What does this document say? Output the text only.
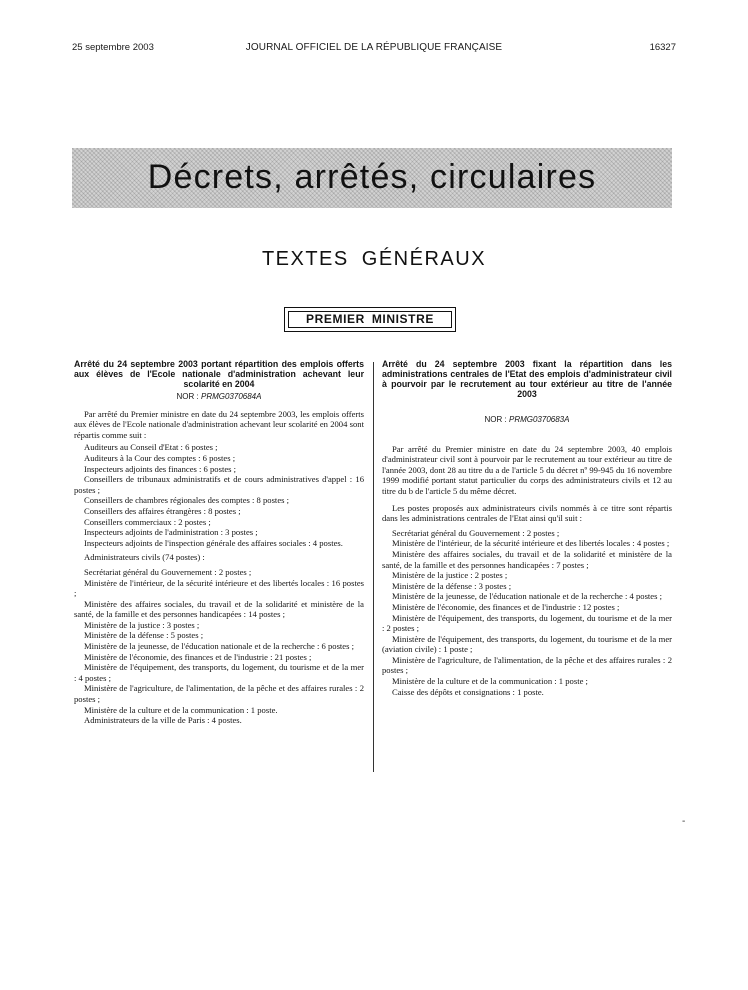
25 septembre 2003	JOURNAL OFFICIEL DE LA RÉPUBLIQUE FRANÇAISE	16327
Décrets, arrêtés, circulaires
TEXTES GÉNÉRAUX
PREMIER MINISTRE

Arrêté du 24 septembre 2003 portant répartition des emplois offerts aux élèves de l'Ecole nationale d'administration achevant leur scolarité en 2004

NOR : PRMG0370684A

Par arrêté du Premier ministre en date du 24 septembre 2003, les emplois offerts aux élèves de l'Ecole nationale d'administration achevant leur scolarité en 2004 sont répartis comme suit :

Auditeurs au Conseil d'Etat : 6 postes ;

Auditeurs à la Cour des comptes : 6 postes ;

Inspecteurs adjoints des finances : 6 postes ;

Conseillers de tribunaux administratifs et de cours administratives d'appel : 16 postes ;

Conseillers de chambres régionales des comptes : 8 postes ;

Conseillers des affaires étrangères : 8 postes ;

Conseillers commerciaux : 2 postes ;

Inspecteurs adjoints de l'administration : 3 postes ;

Inspecteurs adjoints de l'inspection générale des affaires sociales : 4 postes.

Administrateurs civils (74 postes) :

Secrétariat général du Gouvernement : 2 postes ;

Ministère de l'intérieur, de la sécurité intérieure et des libertés locales : 16 postes ;

Ministère des affaires sociales, du travail et de la solidarité et ministère de la santé, de la famille et des personnes handicapées : 14 postes ;

Ministère de la justice : 3 postes ;

Ministère de la défense : 5 postes ;

Ministère de la jeunesse, de l'éducation nationale et de la recherche : 6 postes ;

Ministère de l'économie, des finances et de l'industrie : 21 postes ;

Ministère de l'équipement, des transports, du logement, du tourisme et de la mer : 4 postes ;

Ministère de l'agriculture, de l'alimentation, de la pêche et des affaires rurales : 2 postes ;

Ministère de la culture et de la communication : 1 poste.

Administrateurs de la ville de Paris : 4 postes.

Arrêté du 24 septembre 2003 fixant la répartition dans les administrations centrales de l'Etat des emplois d'administrateur civil à pourvoir par le recrutement au tour extérieur au titre de l'année 2003

NOR : PRMG0370683A

Par arrêté du Premier ministre en date du 24 septembre 2003, 40 emplois d'administrateur civil sont à pourvoir par le recrutement au tour extérieur au titre de l'année 2003, dont 28 au titre du a de l'article 5 du décret nº 99-945 du 16 novembre 1999 modifié portant statut particulier du corps des administrateurs civils et 12 au titre du b de l'article 5 du même décret.

Les postes proposés aux administrateurs civils nommés à ce titre sont répartis dans les administrations centrales de l'Etat ainsi qu'il suit :

Secrétariat général du Gouvernement : 2 postes ;

Ministère de l'intérieur, de la sécurité intérieure et des libertés locales : 4 postes ;

Ministère des affaires sociales, du travail et de la solidarité et ministère de la santé, de la famille et des personnes handicapées : 7 postes ;

Ministère de la justice : 2 postes ;

Ministère de la défense : 3 postes ;

Ministère de la jeunesse, de l'éducation nationale et de la recherche : 4 postes ;

Ministère de l'économie, des finances et de l'industrie : 12 postes ;

Ministère de l'équipement, des transports, du logement, du tourisme et de la mer : 2 postes ;

Ministère de l'équipement, des transports, du logement, du tourisme et de la mer (aviation civile) : 1 poste ;

Ministère de l'agriculture, de l'alimentation, de la pêche et des affaires rurales : 2 postes ;

Ministère de la culture et de la communication : 1 poste ;

Caisse des dépôts et consignations : 1 poste.

-
